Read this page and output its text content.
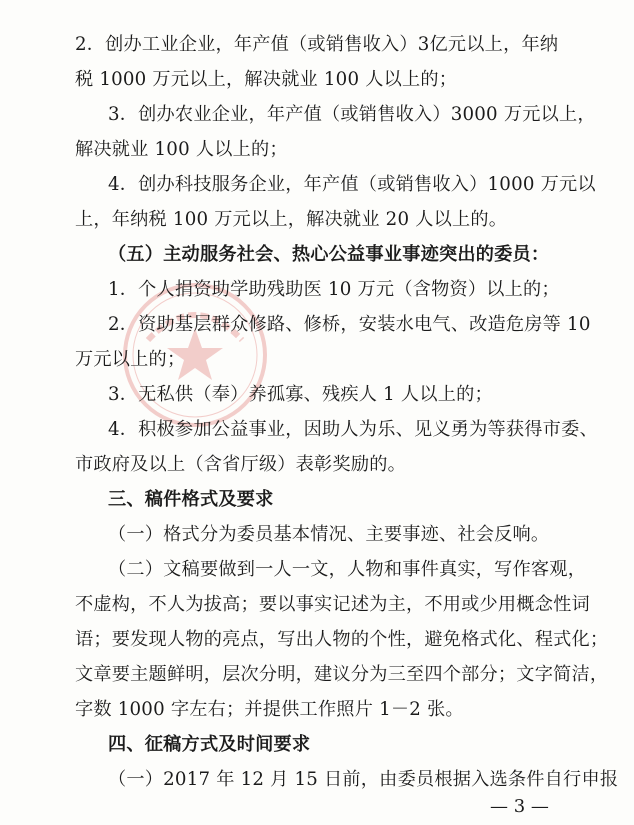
2．创办工业企业，年产值（或销售收入）3亿元以上，年纳
税 1000 万元以上，解决就业 100 人以上的；
3．创办农业企业，年产值（或销售收入）3000 万元以上，
解决就业 100 人以上的；
4．创办科技服务企业，年产值（或销售收入）1000 万元以
上，年纳税 100 万元以上，解决就业 20 人以上的。
（五）主动服务社会、热心公益事业事迹突出的委员：
1．个人捐资助学助残助医 10 万元（含物资）以上的；
2．资助基层群众修路、修桥，安装水电气、改造危房等 10
万元以上的；
3．无私供（奉）养孤寡、残疾人 1 人以上的；
4．积极参加公益事业，因助人为乐、见义勇为等获得市委、
市政府及以上（含省厅级）表彰奖励的。
三、稿件格式及要求
（一）格式分为委员基本情况、主要事迹、社会反响。
（二）文稿要做到一人一文，人物和事件真实，写作客观，
不虚构，不人为拔高；要以事实记述为主，不用或少用概念性词
语；要发现人物的亮点，写出人物的个性，避免格式化、程式化；
文章要主题鲜明，层次分明，建议分为三至四个部分；文字简洁，
字数 1000 字左右；并提供工作照片 1－2 张。
四、征稿方式及时间要求
（一）2017 年 12 月 15 日前，由委员根据入选条件自行申报
— 3 —
